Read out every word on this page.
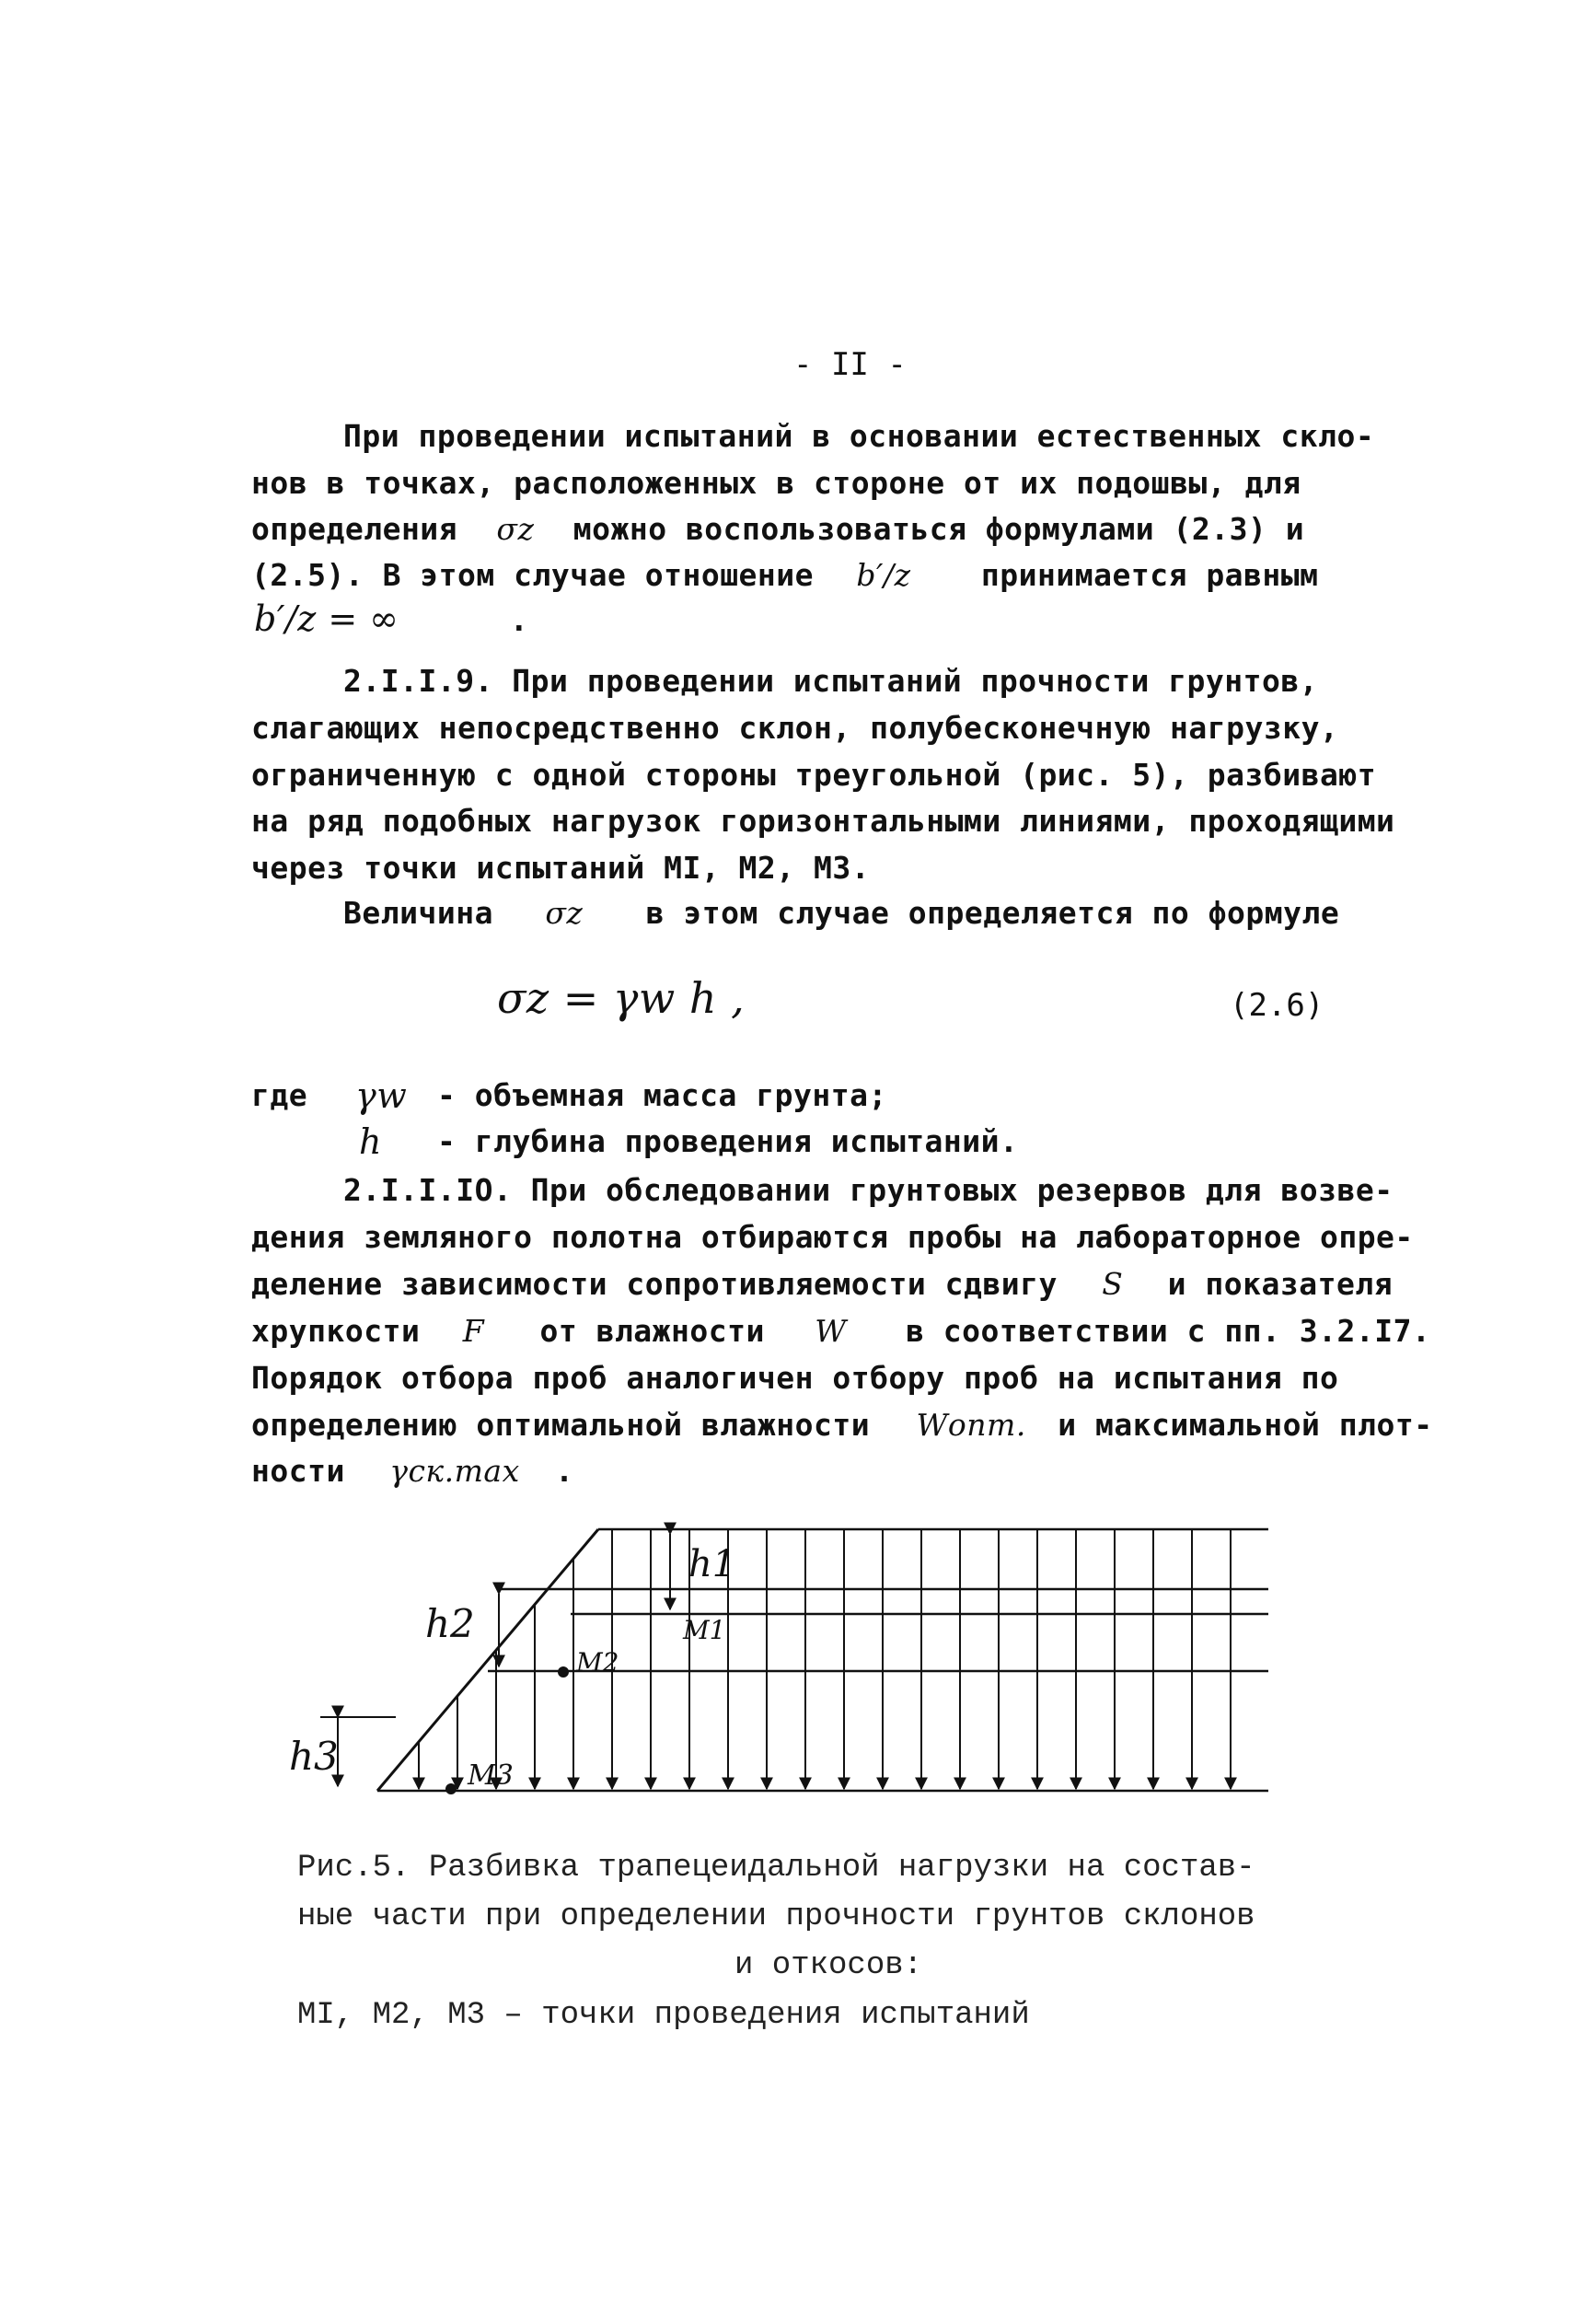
- II -
При проведении испытаний в основании естественных скло-
нов в точках, расположенных в стороне от их подошвы, для
определения σz можно воспользоваться формулами (2.3) и
(2.5). В этом случае отношение b′/z принимается равным
b′/z = ∞	.
2.I.I.9. При проведении испытаний прочности грунтов,
слагающих непосредственно склон, полубесконечную нагрузку,
ограниченную с одной стороны треугольной (рис. 5), разбивают
на ряд подобных нагрузок горизонтальными линиями, проходящими
через точки испытаний MI, M2, M3.
Величина σz в этом случае определяется по формуле
σz = γw h ,	(2.6)
где γw - объемная масса грунта;
h - глубина проведения испытаний.
2.I.I.IO. При обследовании грунтовых резервов для возве-
дения земляного полотна отбираются пробы на лабораторное опре-
деление зависимости сопротивляемости сдвигу S и показателя
хрупкости F от влажности W в соответствии с пп. 3.2.I7.
Порядок отбора проб аналогичен отбору проб на испытания по
определению оптимальной влажности Wопт. и максимальной плот-
ности γск.max .
h1
M1
h2
M2
h3	M3
Рис.5. Разбивка трапецеидальной нагрузки на состав-
ные части при определении прочности грунтов склонов
и откосов:
MI, M2, M3 – точки проведения испытаний
